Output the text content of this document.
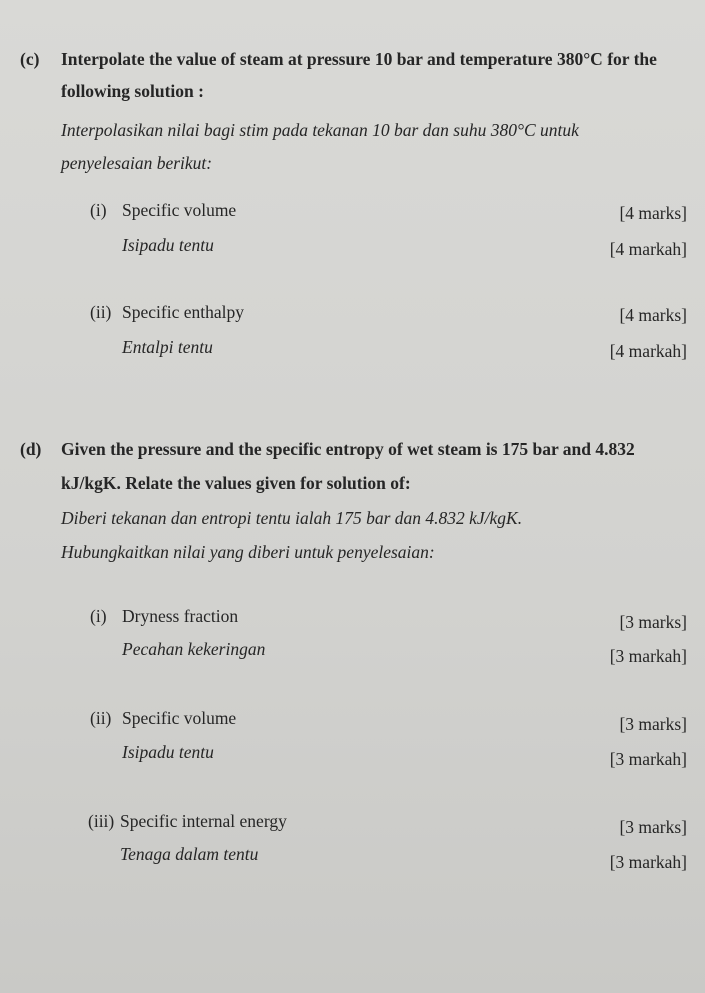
(c) Interpolate the value of steam at pressure 10 bar and temperature 380°C for the
following solution :
Interpolasikan nilai bagi stim pada tekanan 10 bar dan suhu 380°C untuk
penyelesaian berikut:
(i) Specific volume	[4 marks]
Isipadu tentu	[4 markah]
(ii) Specific enthalpy	[4 marks]
Entalpi tentu	[4 markah]
(d) Given the pressure and the specific entropy of wet steam is 175 bar and 4.832
kJ/kgK. Relate the values given for solution of:
Diberi tekanan dan entropi tentu ialah 175 bar dan 4.832 kJ/kgK.
Hubungkaitkan nilai yang diberi untuk penyelesaian:
(i) Dryness fraction	[3 marks]
Pecahan kekeringan	[3 markah]
(ii) Specific volume	[3 marks]
Isipadu tentu	[3 markah]
(iii) Specific internal energy	[3 marks]
Tenaga dalam tentu	[3 markah]
